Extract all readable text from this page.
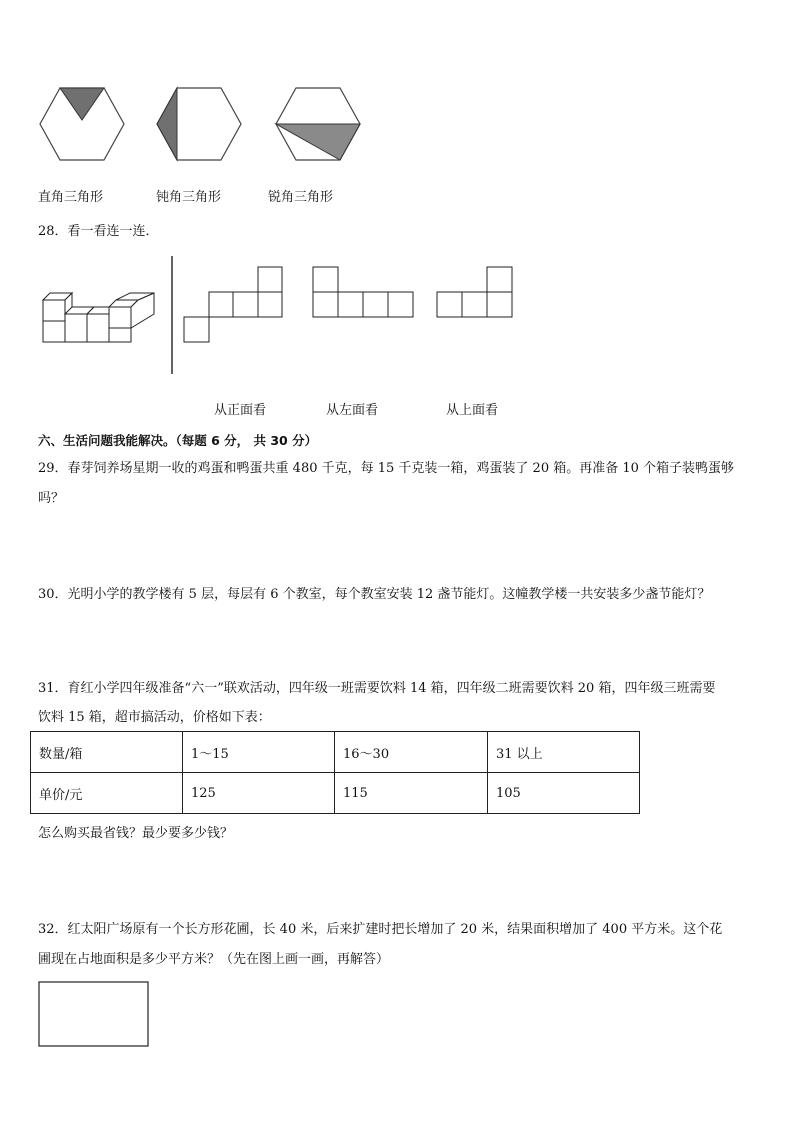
直角三角形	钝角三角形	锐角三角形
28．看一看连一连．
从正面看	从左面看	从上面看
六、生活问题我能解决。（每题 6 分， 共 30 分）
29．春芽饲养场星期一收的鸡蛋和鸭蛋共重 480 千克，每 15 千克装一箱，鸡蛋装了 20 箱。再准备 10 个箱子装鸭蛋够
吗？
30．光明小学的教学楼有 5 层，每层有 6 个教室，每个教室安装 12 盏节能灯。这幢教学楼一共安装多少盏节能灯？
31．育红小学四年级准备“六一”联欢活动，四年级一班需要饮料 14 箱，四年级二班需要饮料 20 箱，四年级三班需要
饮料 15 箱，超市搞活动，价格如下表：
数量/箱	1～15	16～30	31 以上
单价/元	125	115	105
怎么购买最省钱？最少要多少钱？
32．红太阳广场原有一个长方形花圃，长 40 米，后来扩建时把长增加了 20 米，结果面积增加了 400 平方米。这个花
圃现在占地面积是多少平方米？（先在图上画一画，再解答）
